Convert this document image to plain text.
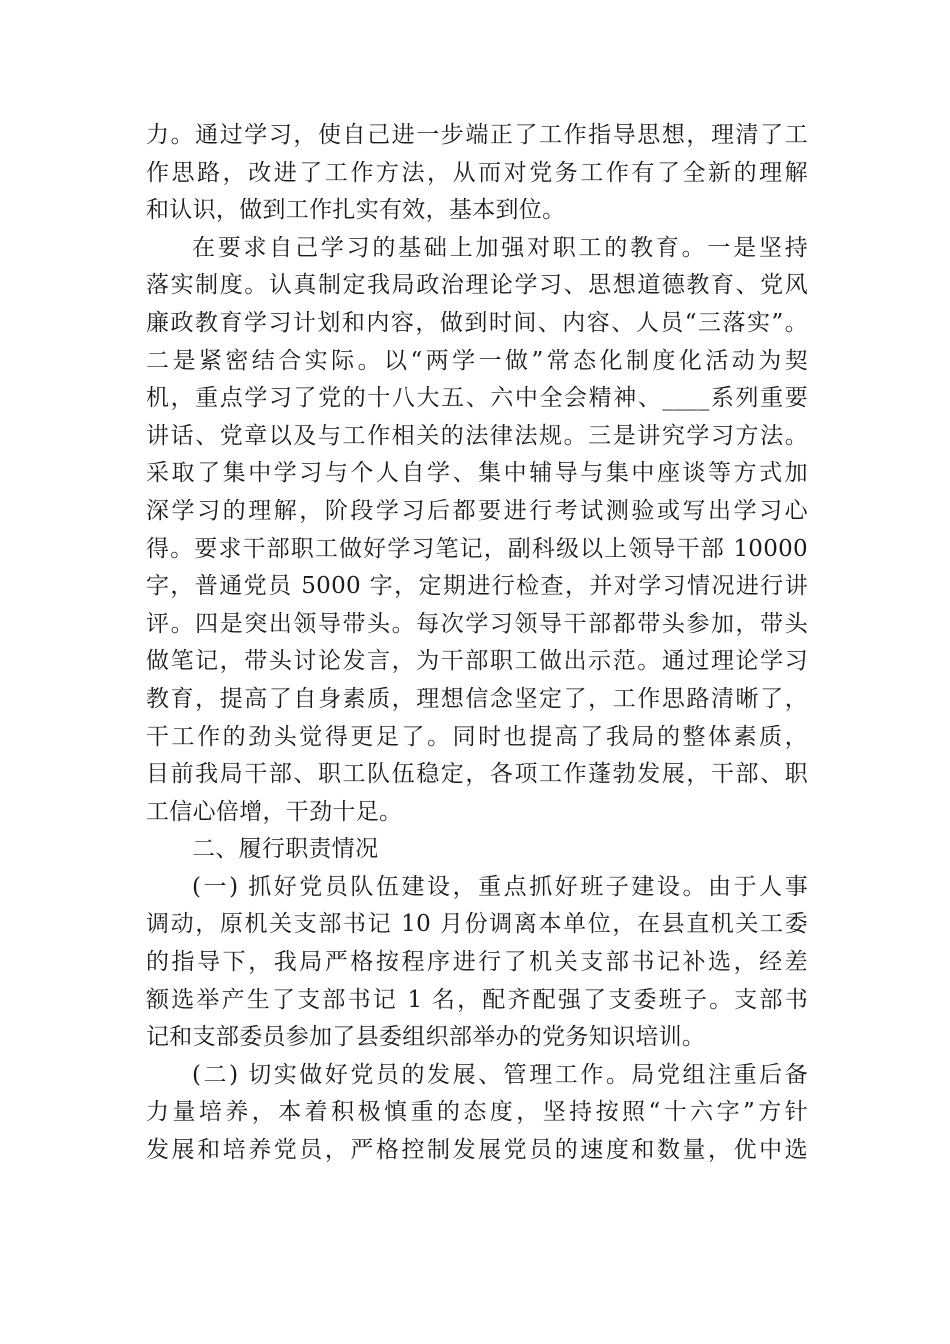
力。通过学习，使自己进一步端正了工作指导思想，理清了工
作思路，改进了工作方法，从而对党务工作有了全新的理解
和认识，做到工作扎实有效，基本到位。
在要求自己学习的基础上加强对职工的教育。一是坚持
落实制度。认真制定我局政治理论学习、思想道德教育、党风
廉政教育学习计划和内容，做到时间、内容、人员“三落实”。
二是紧密结合实际。以“两学一做”常态化制度化活动为契
机，重点学习了党的十八大五、六中全会精神、____系列重要
讲话、党章以及与工作相关的法律法规。三是讲究学习方法。
采取了集中学习与个人自学、集中辅导与集中座谈等方式加
深学习的理解，阶段学习后都要进行考试测验或写出学习心
得。要求干部职工做好学习笔记，副科级以上领导干部 10000
字，普通党员 5000 字，定期进行检查，并对学习情况进行讲
评。四是突出领导带头。每次学习领导干部都带头参加，带头
做笔记，带头讨论发言，为干部职工做出示范。通过理论学习
教育，提高了自身素质，理想信念坚定了，工作思路清晰了，
干工作的劲头觉得更足了。同时也提高了我局的整体素质，
目前我局干部、职工队伍稳定，各项工作蓬勃发展，干部、职
工信心倍增，干劲十足。
二、履行职责情况
(一) 抓好党员队伍建设，重点抓好班子建设。由于人事
调动，原机关支部书记 10 月份调离本单位，在县直机关工委
的指导下，我局严格按程序进行了机关支部书记补选，经差
额选举产生了支部书记 1 名，配齐配强了支委班子。支部书
记和支部委员参加了县委组织部举办的党务知识培训。
(二) 切实做好党员的发展、管理工作。局党组注重后备
力量培养，本着积极慎重的态度，坚持按照“十六字”方针
发展和培养党员，严格控制发展党员的速度和数量，优中选
